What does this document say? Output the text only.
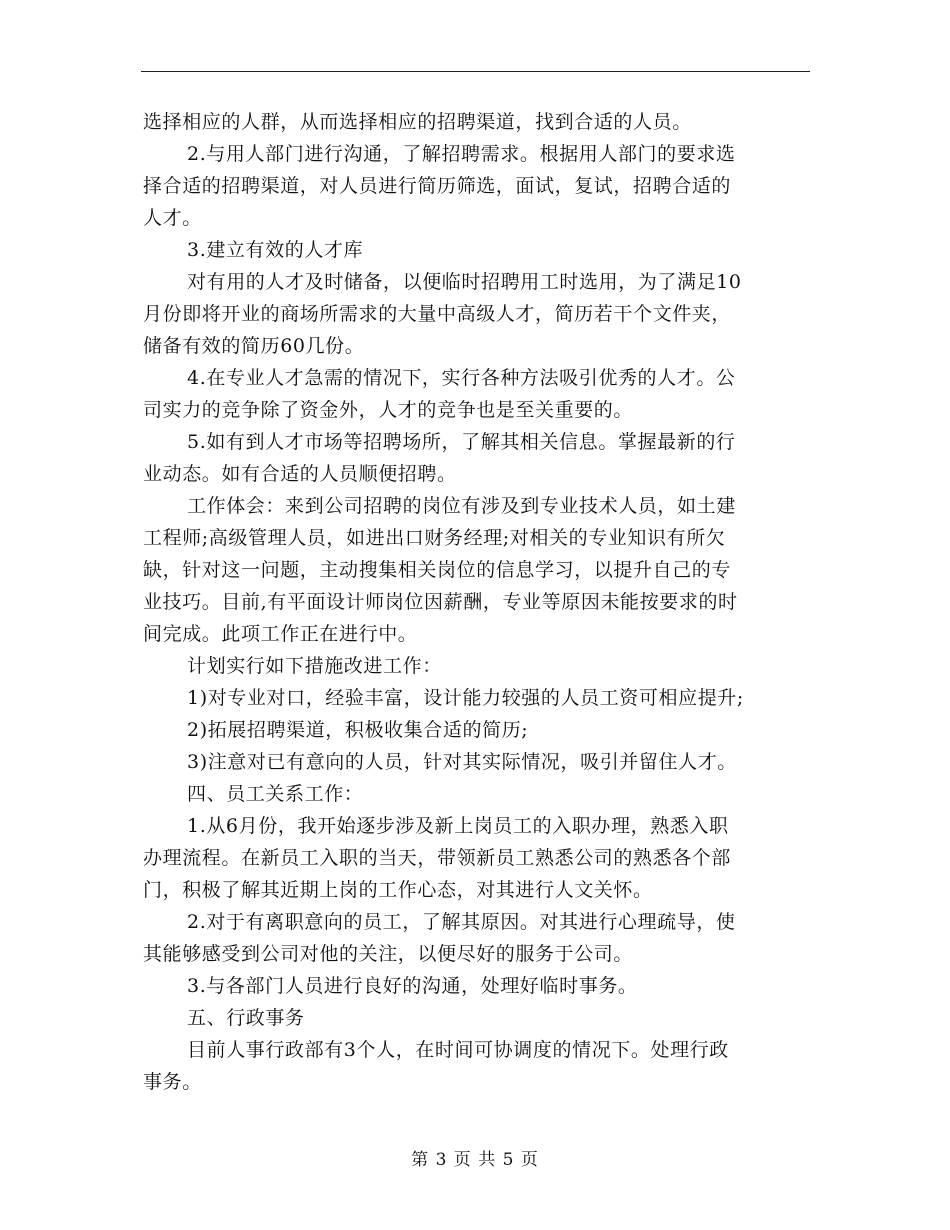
选择相应的人群，从而选择相应的招聘渠道，找到合适的人员。
2.与用人部门进行沟通，了解招聘需求。根据用人部门的要求选
择合适的招聘渠道，对人员进行简历筛选，面试，复试，招聘合适的
人才。
3.建立有效的人才库
对有用的人才及时储备，以便临时招聘用工时选用，为了满足10
月份即将开业的商场所需求的大量中高级人才，简历若干个文件夹，
储备有效的简历60几份。
4.在专业人才急需的情况下，实行各种方法吸引优秀的人才。公
司实力的竞争除了资金外，人才的竞争也是至关重要的。
5.如有到人才市场等招聘场所，了解其相关信息。掌握最新的行
业动态。如有合适的人员顺便招聘。
工作体会：来到公司招聘的岗位有涉及到专业技术人员，如土建
工程师;高级管理人员，如进出口财务经理;对相关的专业知识有所欠
缺，针对这一问题，主动搜集相关岗位的信息学习，以提升自己的专
业技巧。目前,有平面设计师岗位因薪酬，专业等原因未能按要求的时
间完成。此项工作正在进行中。
计划实行如下措施改进工作：
1)对专业对口，经验丰富，设计能力较强的人员工资可相应提升;
2)拓展招聘渠道，积极收集合适的简历;
3)注意对已有意向的人员，针对其实际情况，吸引并留住人才。
四、员工关系工作：
1.从6月份，我开始逐步涉及新上岗员工的入职办理，熟悉入职
办理流程。在新员工入职的当天，带领新员工熟悉公司的熟悉各个部
门，积极了解其近期上岗的工作心态，对其进行人文关怀。
2.对于有离职意向的员工，了解其原因。对其进行心理疏导，使
其能够感受到公司对他的关注，以便尽好的服务于公司。
3.与各部门人员进行良好的沟通，处理好临时事务。
五、行政事务
目前人事行政部有3个人，在时间可协调度的情况下。处理行政
事务。
第 3 页 共 5 页
